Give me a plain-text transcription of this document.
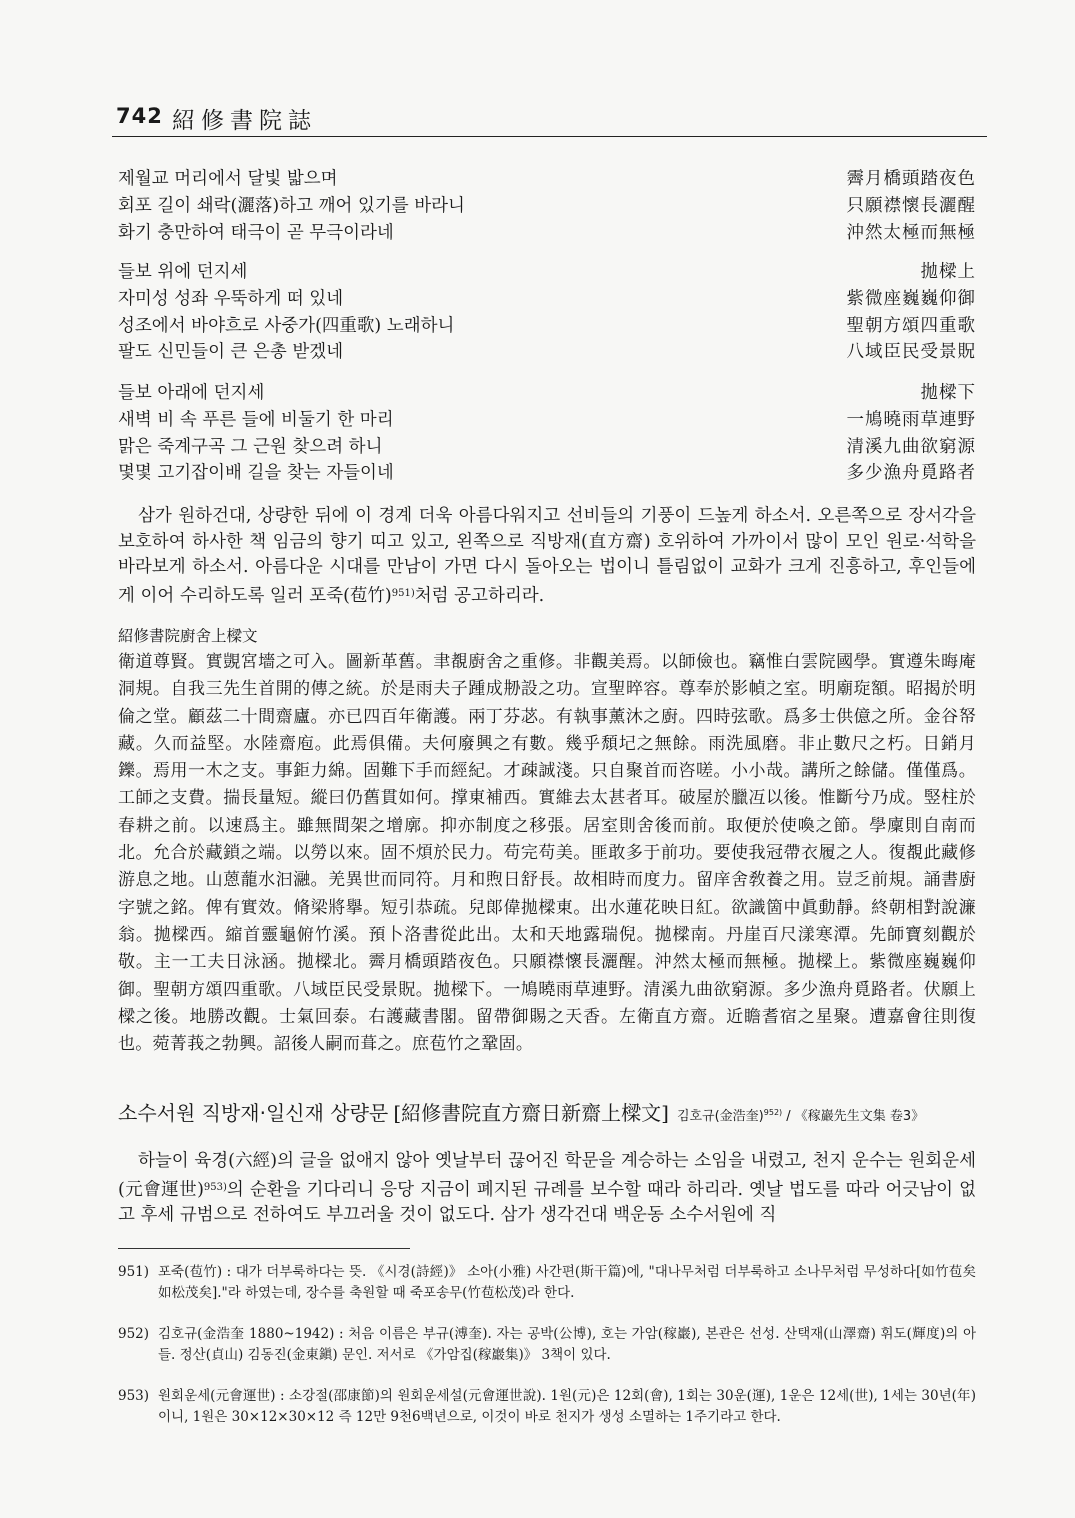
742 紹修書院誌
제월교 머리에서 달빛 밟으며	霽月橋頭踏夜色
회포 길이 쇄락(灑落)하고 깨어 있기를 바라니	只願襟懷長灑醒
화기 충만하여 태극이 곧 무극이라네	沖然太極而無極
들보 위에 던지세	拋樑上
자미성 성좌 우뚝하게 떠 있네	紫微座巍巍仰御
성조에서 바야흐로 사중가(四重歌) 노래하니	聖朝方頌四重歌
팔도 신민들이 큰 은총 받겠네	八域臣民受景貺
들보 아래에 던지세	拋樑下
새벽 비 속 푸른 들에 비둘기 한 마리	一鳩曉雨草連野
맑은 죽계구곡 그 근원 찾으려 하니	清溪九曲欲窮源
몇몇 고기잡이배 길을 찾는 자들이네	多少漁舟覓路者
삼가 원하건대, 상량한 뒤에 이 경계 더욱 아름다워지고 선비들의 기풍이 드높게 하소서. 오른쪽으로 장서각을 보호하여 하사한 책 임금의 향기 띠고 있고, 왼쪽으로 직방재(直方齋) 호위하여 가까이서 많이 모인 원로·석학을 바라보게 하소서. 아름다운 시대를 만남이 가면 다시 돌아오는 법이니 틀림없이 교화가 크게 진흥하고, 후인들에게 이어 수리하도록 일러 포죽(苞竹)$^{951)}$처럼 공고하리라.
紹修書院廚舍上樑文
衛道尊賢。實覬宮墻之可入。圖新革舊。聿覩廚舍之重修。非觀美焉。以師儉也。竊惟白雲院國學。實遵朱晦庵洞規。自我三先生首開的傳之統。於是雨夫子踵成刱設之功。宣聖晬容。尊奉於影幀之室。明廟琁額。昭揭於明倫之堂。顧茲二十間齋廬。亦已四百年衛護。兩丁芬苾。有執事薰沐之廚。四時弦歌。爲多士供億之所。金谷帑藏。久而益堅。水陸齋庖。此焉俱備。夫何廢興之有數。幾乎頹圮之無餘。雨洗風磨。非止數尺之朽。日銷月鑠。焉用一木之支。事鉅力綿。固難下手而經紀。才疎誠淺。只自聚首而咨嗟。小小哉。講所之餘儲。僅僅爲。工師之支費。揣長量短。縱曰仍舊貫如何。撑東補西。實維去太甚者耳。破屋於臘冱以後。惟斷兮乃成。竪柱於春耕之前。以速爲主。雖無間架之增廓。抑亦制度之移張。居室則舍後而前。取便於使喚之節。學廩則自南而北。允合於藏鎖之端。以勞以來。固不煩於民力。苟完苟美。匪敢多于前功。要使我冠帶衣履之人。復覩此藏修游息之地。山蒽蘢水汩瀜。羌異世而同符。月和煦日舒長。故相時而度力。留庠舍敎養之用。豈乏前規。誦書廚字號之銘。俾有實效。脩梁將擧。短引恭疏。兒郞偉拋樑東。出水蓮花映日紅。欲識箇中眞動靜。終朝相對說濂翁。拋樑西。縮首靈龜俯竹溪。預卜洛書從此出。太和天地露瑞倪。拋樑南。丹崖百尺漾寒潭。先師寶刻觀於敬。主一工夫日泳涵。拋樑北。霽月橋頭踏夜色。只願襟懷長灑醒。沖然太極而無極。拋樑上。紫微座巍巍仰御。聖朝方頌四重歌。八域臣民受景貺。拋樑下。一鳩曉雨草連野。清溪九曲欲窮源。多少漁舟覓路者。伏願上樑之後。地勝改觀。士氣回泰。右護藏書閣。留帶御賜之天香。左衛直方齋。近瞻耆宿之星聚。遭嘉會往則復也。菀菁莪之勃興。詔後人嗣而葺之。庶苞竹之鞏固。
소수서원 직방재·일신재 상량문 [紹修書院直方齋日新齋上樑文] 김호규(金浩奎)$^{952)}$ / 《稼巖先生文集 卷3》
하늘이 육경(六經)의 글을 없애지 않아 옛날부터 끊어진 학문을 계승하는 소임을 내렸고, 천지 운수는 원회운세(元會運世)$^{953)}$의 순환을 기다리니 응당 지금이 폐지된 규례를 보수할 때라 하리라. 옛날 법도를 따라 어긋남이 없고 후세 규범으로 전하여도 부끄러울 것이 없도다. 삼가 생각건대 백운동 소수서원에 직
951) 포죽(苞竹) : 대가 더부룩하다는 뜻. 《시경(詩經)》 소아(小雅) 사간편(斯干篇)에, "대나무처럼 더부룩하고 소나무처럼 무성하다[如竹苞矣 如松茂矣]."라 하였는데, 장수를 축원할 때 죽포송무(竹苞松茂)라 한다.
952) 김호규(金浩奎 1880~1942) : 처음 이름은 부규(溥奎). 자는 공박(公博), 호는 가암(稼巖), 본관은 선성. 산택재(山澤齋) 휘도(輝度)의 아들. 정산(貞山) 김동진(金東鎭) 문인. 저서로 《가암집(稼巖集)》 3책이 있다.
953) 원회운세(元會運世) : 소강절(邵康節)의 원회운세설(元會運世說). 1원(元)은 12회(會), 1회는 30운(運), 1운은 12세(世), 1세는 30년(年)이니, 1원은 30×12×30×12 즉 12만 9천6백년으로, 이것이 바로 천지가 생성 소멸하는 1주기라고 한다.
